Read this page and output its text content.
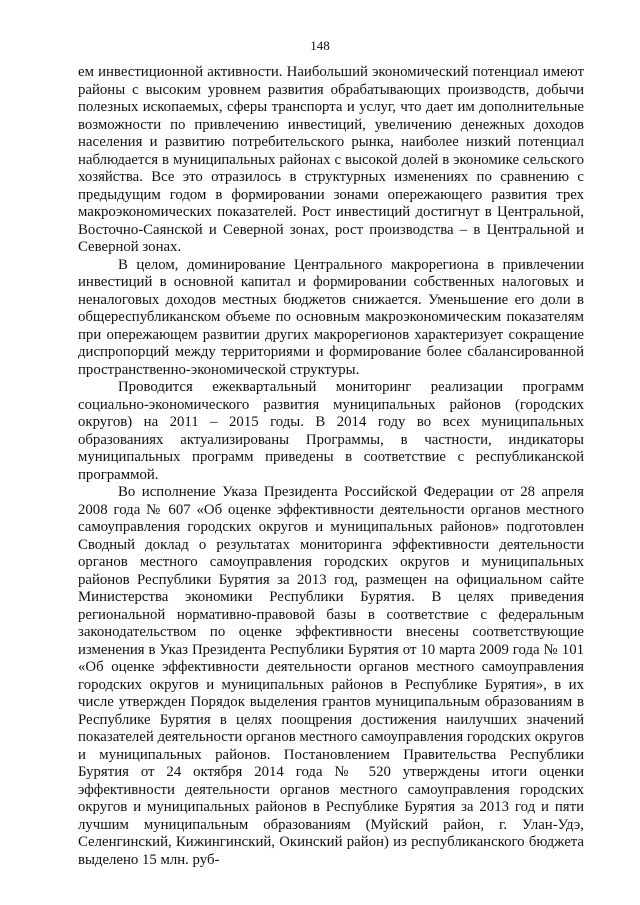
148

ем инвестиционной активности. Наибольший экономический потенциал имеют районы с высоким уровнем развития обрабатывающих производств, добычи полезных ископаемых, сферы транспорта и услуг, что дает им дополнительные возможности по привлечению инвестиций, увеличению денежных доходов населения и развитию потребительского рынка, наиболее низкий потенциал наблюдается в муниципальных районах с высокой долей в экономике сельского хозяйства. Все это отразилось в структурных изменениях по сравнению с предыдущим годом в формировании зонами опережающего развития трех макроэкономических показателей. Рост инвестиций достигнут в Центральной, Восточно-Саянской и Северной зонах, рост производства – в Центральной и Северной зонах.

В целом, доминирование Центрального макрорегиона в привлечении инвестиций в основной капитал и формировании собственных налоговых и неналоговых доходов местных бюджетов снижается. Уменьшение его доли в общереспубликанском объеме по основным макроэкономическим показателям при опережающем развитии других макрорегионов характеризует сокращение диспропорций между территориями и формирование более сбалансированной пространственно-экономической структуры.

Проводится ежеквартальный мониторинг реализации программ социально-экономического развития муниципальных районов (городских округов) на 2011 – 2015 годы. В 2014 году во всех муниципальных образованиях актуализированы Программы, в частности, индикаторы муниципальных программ приведены в соответствие с республиканской программой.

Во исполнение Указа Президента Российской Федерации от 28 апреля 2008 года № 607 «Об оценке эффективности деятельности органов местного самоуправления городских округов и муниципальных районов» подготовлен Сводный доклад о результатах мониторинга эффективности деятельности органов местного самоуправления городских округов и муниципальных районов Республики Бурятия за 2013 год, размещен на официальном сайте Министерства экономики Республики Бурятия. В целях приведения региональной нормативно-правовой базы в соответствие с федеральным законодательством по оценке эффективности внесены соответствующие изменения в Указ Президента Республики Бурятия от 10 марта 2009 года № 101 «Об оценке эффективности деятельности органов местного самоуправления городских округов и муниципальных районов в Республике Бурятия», в их числе утвержден Порядок выделения грантов муниципальным образованиям в Республике Бурятия в целях поощрения достижения наилучших значений показателей деятельности органов местного самоуправления городских округов и муниципальных районов. Постановлением Правительства Республики Бурятия от 24 октября 2014 года № 520 утверждены итоги оценки эффективности деятельности органов местного самоуправления городских округов и муниципальных районов в Республике Бурятия за 2013 год и пяти лучшим муниципальным образованиям (Муйский район, г. Улан-Удэ, Селенгинский, Кижингинский, Окинский район) из республиканского бюджета выделено 15 млн. руб-
